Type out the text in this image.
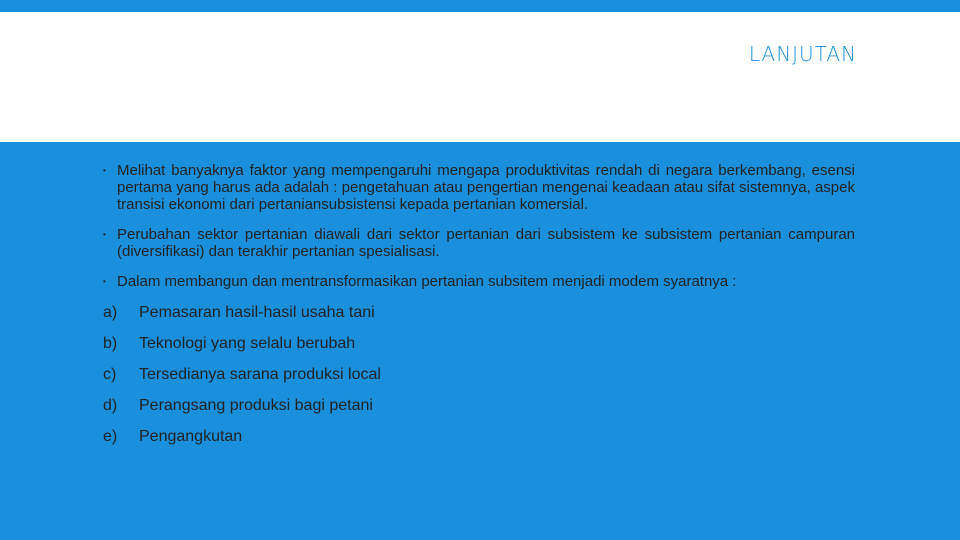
LANJUTAN
• Melihat banyaknya faktor yang mempengaruhi mengapa produktivitas rendah di negara berkembang, esensi pertama yang harus ada adalah : pengetahuan atau pengertian mengenai keadaan atau sifat sistemnya, aspek transisi ekonomi dari pertaniansubsistensi kepada pertanian komersial.
• Perubahan sektor pertanian diawali dari sektor pertanian dari subsistem ke subsistem pertanian campuran (diversifikasi) dan terakhir pertanian spesialisasi.
• Dalam membangun dan mentransformasikan pertanian subsitem menjadi modem syaratnya :
a)	Pemasaran hasil-hasil usaha tani
b)	Teknologi yang selalu berubah
c)	Tersedianya sarana produksi local
d)	Perangsang produksi bagi petani
e)	Pengangkutan
